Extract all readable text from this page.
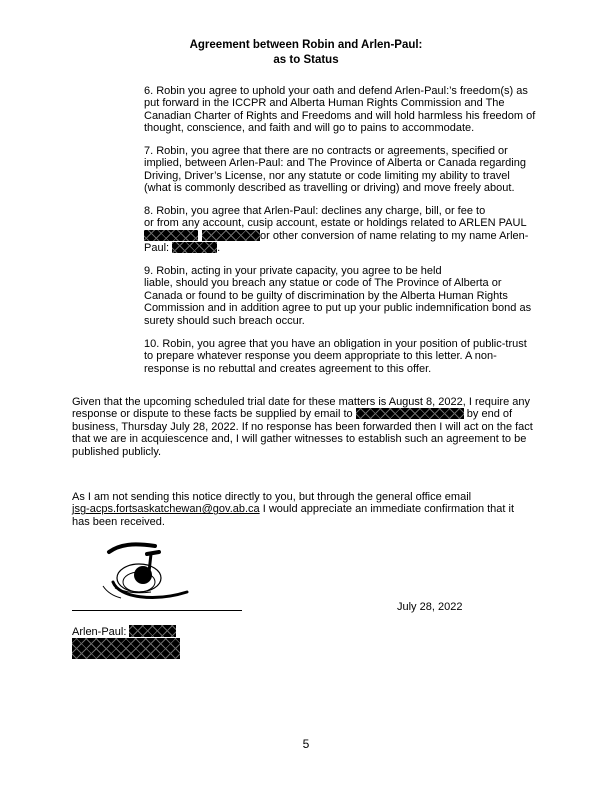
Agreement between Robin and Arlen-Paul:
as to Status
6. Robin you agree to uphold your oath and defend Arlen-Paul:’s freedom(s) as
put forward in the ICCPR and Alberta Human Rights Commission and The
Canadian Charter of Rights and Freedoms and will hold harmless his freedom of
thought, conscience, and faith and will go to pains to accommodate.
7. Robin, you agree that there are no contracts or agreements, specified or
implied, between Arlen-Paul: and The Province of Alberta or Canada regarding
Driving, Driver’s License, nor any statute or code limiting my ability to travel
(what is commonly described as travelling or driving) and move freely about.
8. Robin, you agree that Arlen-Paul: declines any charge, bill, or fee to
or from any account, cusip account, estate or holdings related to ARLEN PAUL
or other conversion of name relating to my name Arlen-
Paul:	.
9. Robin, acting in your private capacity, you agree to be held
liable, should you breach any statue or code of The Province of Alberta or
Canada or found to be guilty of discrimination by the Alberta Human Rights
Commission and in addition agree to put up your public indemnification bond as
surety should such breach occur.
10. Robin, you agree that you have an obligation in your position of public-trust
to prepare whatever response you deem appropriate to this letter. A non-
response is no rebuttal and creates agreement to this offer.
Given that the upcoming scheduled trial date for these matters is August 8, 2022, I require any
response or dispute to these facts be supplied by email to	by end of
business, Thursday July 28, 2022. If no response has been forwarded then I will act on the fact
that we are in acquiescence and, I will gather witnesses to establish such an agreement to be
published publicly.
As I am not sending this notice directly to you, but through the general office email
jsg-acps.fortsaskatchewan@gov.ab.ca I would appreciate an immediate confirmation that it
has been received.
July 28, 2022
Arlen-Paul:
5
